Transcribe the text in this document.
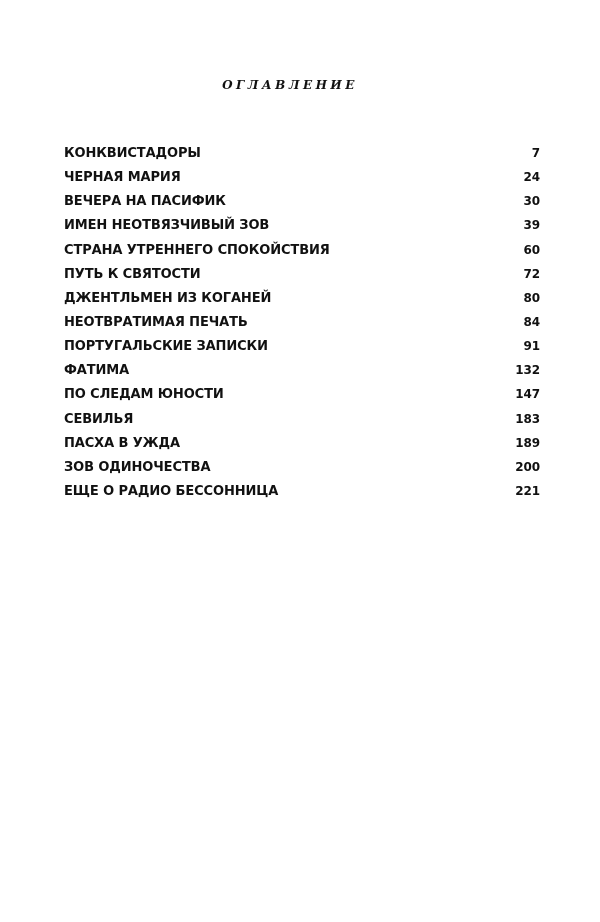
ОГЛАВЛЕНИЕ
КОНКВИСТАДОРЫ	7
ЧЕРНАЯ МАРИЯ	24
ВЕЧЕРА НА ПАСИФИК	30
ИМЕН НЕОТВЯЗЧИВЫЙ ЗОВ	39
СТРАНА УТРЕННЕГО СПОКОЙСТВИЯ	60
ПУТЬ К СВЯТОСТИ	72
ДЖЕНТЛЬМЕН ИЗ КОГАНЕЙ	80
НЕОТВРАТИМАЯ ПЕЧАТЬ	84
ПОРТУГАЛЬСКИЕ ЗАПИСКИ	91
ФАТИМА	132
ПО СЛЕДАМ ЮНОСТИ	147
СЕВИЛЬЯ	183
ПАСХА В УЖДА	189
ЗОВ ОДИНОЧЕСТВА	200
ЕЩЕ О РАДИО БЕССОННИЦА	221
